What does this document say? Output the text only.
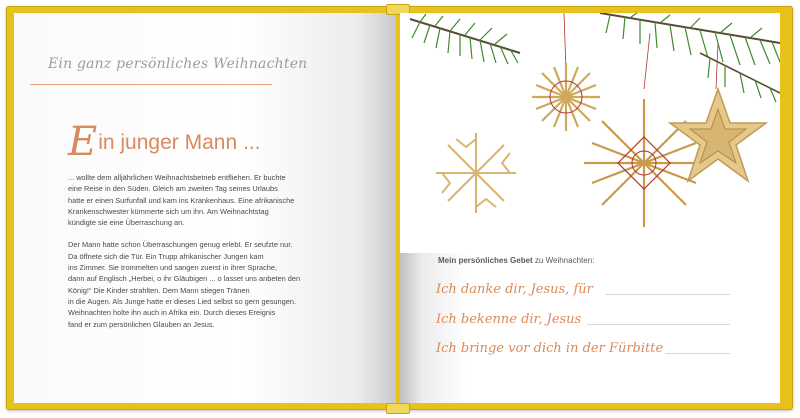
Ein ganz persönliches Weihnachten
Ein junger Mann ...

... wollte dem alljährlichen Weihnachtsbetrieb entfliehen. Er buchte
eine Reise in den Süden. Gleich am zweiten Tag seines Urlaubs
hatte er einen Surfunfall und kam ins Krankenhaus. Eine afrikanische
Krankenschwester kümmerte sich um ihn. Am Weihnachtstag
kündigte sie eine Überraschung an.

Der Mann hatte schon Überraschungen genug erlebt. Er seufzte nur.
Da öffnete sich die Tür. Ein Trupp afrikanischer Jungen kam
ins Zimmer. Sie trommelten und sangen zuerst in ihrer Sprache,
dann auf Englisch „Herbei, o ihr Gläubigen ... o lasset uns anbeten den
König!“ Die Kinder strahlten. Dem Mann stiegen Tränen
in die Augen. Als Junge hatte er dieses Lied selbst so gern gesungen.
Weihnachten holte ihn auch in Afrika ein. Durch dieses Ereignis
fand er zum persönlichen Glauben an Jesus.

Mein persönliches Gebet zu Weihnachten:
Ich danke dir, Jesus, für
Ich bekenne dir, Jesus
Ich bringe vor dich in der Fürbitte
